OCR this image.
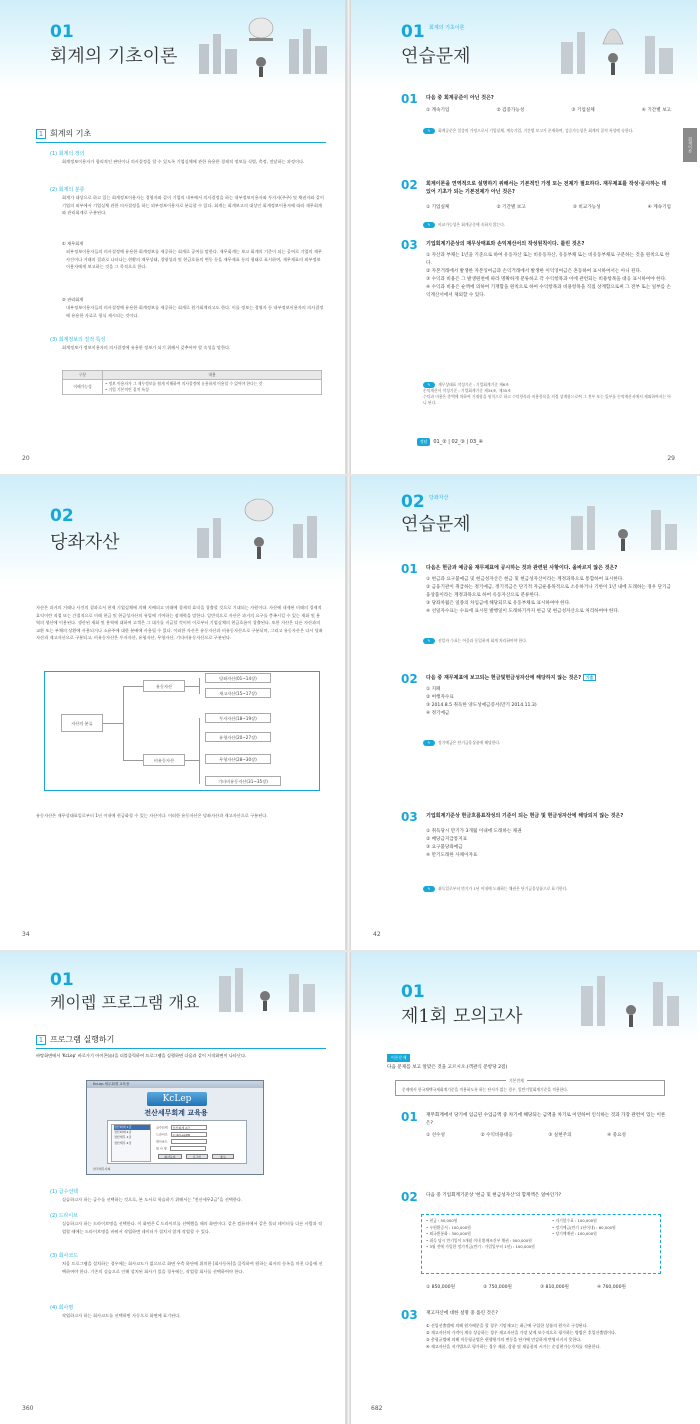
01
회계의 기초이론
1 회계의 기초
(1) 회계의 정의
회계정보이용자가 합리적인 판단이나 의사결정을 할 수 있도록 기업실체에 관한 유용한 경제적 정보를 식별, 측정, 전달하는 과정이다.
(2) 회계의 분류
회계가 대상으로 하고 있는 회계정보이용자는 경영자와 같이 기업의 내부에서 의사결정을 하는 내부정보이용자와 투자자(주주) 및 채권자와 같이 기업의 외부에서 기업실체 관한 의사결정을 하는 외부정보이용자로 분류할 수 있다. 회계는 회계보고의 대상인 회계정보이용자에 따라 재무회계와 관리회계로 구분된다.
① 재무회계
외부정보이용자들의 의사결정에 유용한 회계정보를 제공하는 회계로 공여를 말한다. 재무회계는 보고 회계의 기준이 되는 공여로 기업의 재무 사건이나 거래의 결과로 나타나는 현황의 재무상태, 경영성과 및 현금흐름의 변동 등을 재무제표 등의 형태로 표시하여, 재무제표의 외부정보이용자에게 보고하는 것을 그 목적으로 한다.
② 관리회계
내부정보이용자들의 의사결정에 유용한 회계정보를 제공하는 회계로 원가회계라고도 한다. 이를 정보는 경영자 등 내부정보이용자의 의사결정에 유용한 자료로 형식 제시되는 것이다.
(3) 회계정보의 질적 특성
회계정보가 정보이용자의 의사결정에 유용한 정보가 되기 위해서 갖추어야 할 속성을 말한다.
구분	내용
이해가능성	• 정보 이용자가 그 재무정보를 쉽게 이해하여 의사결정에 유용하게 이용할 수 있어야 한다는 것
• 기업 기본적인 질적 특성
20
01 회계의 기초이론
연습문제
회계이론
01 다음 중 회계공준이 아닌 것은?
① 계속기업	② 검증가능성	③ 기업실체	④ 기간별 보고
✎ 회계공준은 일종의 가정으로서 기업실체, 계속기업, 기간별 보고가 존재하며, 검증가능성은 회계의 질적 특성에 속한다.
02 회계이론을 연역적으로 설명하기 위해서는 기본적인 가정 또는 전제가 필요하다. 재무제표를 작성·공시하는 데 있어 기초가 되는 기본전제가 아닌 것은?
① 기업실체	② 기간별 보고	③ 비교가능성	④ 계속기업
✎ 비교가능성은 회계공준에 속하지 않는다.
03 기업회계기준상의 재무상태표와 손익계산서의 작성원칙이다. 틀린 것은?
① 자산과 부채는 1년을 기준으로 하여 유동자산 또는 비유동자산, 유동부채 또는 비유동부채로 구분하는 것을 원칙으로 한다.
② 자본거래에서 발생한 자본잉여금과 손익거래에서 발생한 이익잉여금은 혼동하여 표시하여서는 아니 된다.
③ 수익과 비용은 그 발생원천에 따라 명확하게 분류하고 각 수익항목과 이에 관련되는 비용항목을 대응 표시하여야 한다.
④ 수익과 비용은 순액에 의하여 기재함을 원칙으로 하여 수익항목과 비용항목을 직접 상계함으로써 그 전부 또는 일부를 손익계산서에서 제외할 수 있다.
✎ 재무상태표 작성기준 : 기업회계기준 제6조
손익계산서 작성기준 : 기업회계기준 제34조, 제35조
수익과 비용은 총액에 의하여 기재함을 원칙으로 하고 수익항목과 비용항목을 직접 상계함으로써 그 전부 또는 일부를 손익계산서에서 제외하여서는 아니 된다.
정답 01_② | 02_③ | 03_④
29
02
당좌자산
자산은 과거의 거래나 사건의 결과로서 현재 기업실체에 의해 지배되고 미래에 경제적 효익을 창출할 것으로 기대되는 자원이다. 자산에 내재된 미래의 경제적 효익이란 직접 또는 간접적으로 미래 현금 및 현금성자산의 유입에 기여하는 잠재력을 말한다. 일반적으로 자산은 과거의 요구를 충족시킬 수 있는 재화 및 용역의 생산에 이용된다. 생산된 재화 및 용역에 대하여 고객은 그 대가를 지급할 것이며 이로부터 기업실체의 현금흐름이 창출된다. 또한 자산은 다른 자산과의 교환 또는 부채의 상환에 사용되거나 소유주에 대한 분배에 사용될 수 있다. 이러한 자산은 유동자산과 비유동자산으로 구분되며, 그리고 유동자산은 다시 당좌자산과 재고자산으로 구분되고, 비유동자산은 투자자산, 유형자산, 무형자산, 기타비유동자산으로 구분된다.
자산의 분류
유동자산
비유동자산
당좌자산(01~14장)
재고자산(15~17장)
투자자산(18~19장)
유형자산(20~27장)
무형자산(28~30장)
기타비유동자산(31~35장)
유동자산은 재무상태표일로부터 1년 이내에 현금화할 수 있는 자산이다. 이러한 유동자산은 당좌자산과 재고자산으로 구분된다.
34
02 당좌자산
연습문제
01 다음은 현금과 예금을 재무제표에 공시하는 것과 관련된 사항이다. 올바르지 않은 것은?
① 현금과 요구불예금 및 현금성자산은 현금 및 현금성자산이라는 계정과목으로 통합하여 표시한다.
② 금융기관이 취급하는 정기예금, 정기적금은 단기적 자금운용목적으로 소유하거나 기한이 1년 내에 도래하는 경우 단기금융상품이라는 계정과목으로 하여 유동자산으로 분류한다.
③ 당좌차월은 일종의 차입금에 해당되므로 유동부채로 표시하여야 한다.
④ 선일자수표는 수표에 표시된 발행일이 도래하기까지 현금 및 현금성자산으로 처리하여야 한다.
✎ 선일자 수표는 어음과 동일하게 회계 처리하여야 한다.
02 다음 중 재무제표에 보고되는 현금및현금성자산에 해당하지 않는 것은? 기출
① 지폐
② 여행자수표
③ 2014.8.5 취득한 양도성예금증서(만기 2014.11.3)
④ 정기예금
✎ 정기예금은 단기금융상품에 해당한다.
03 기업회계기준상 현금흐름표작성의 기준이 되는 현금 및 현금성자산에 해당되지 않는 것은?
① 취득당시 만기가 3개월 이내에 도래하는 채권
② 배당금지급통지표
③ 요구불당좌예금
④ 만기도래한 사채이자표
✎ 취득일로부터 만기가 1년 이내에 도래하는 채권은 단기금융상품으로 표기한다.
42
01
케이렙 프로그램 개요
1 프로그램 실행하기
바탕화면에서 'KcLep' 바로가기 아이콘(◎)을 더블클릭하여 프로그램을 실행하면 다음과 같이 시작화면이 나타난다.
KcLep 세무회계 교육용
KcLep
전산세무회계 교육용
전산회계 1급
전산회계 2급
전산세무 1급
전산세무 2급
급수선택 전산회계 2급
드라이브 C:\KcLepDB
회사코드
회 사 명
회사등록	로그인	종료
한국세무사회
(1) 급수선택
실습하고자 하는 급수를 선택하는 것으로, 본 도서로 학습하기 위해서는 "전산세무2급"을 선택한다.
(2) 드라이브
실습하고자 하는 드라이브명을 선택한다. 이 화면은 C 드라이브를 선택했을 때의 화면이다. 같은 컴퓨터에서 같은 폴더 데이터를 다른 사람과 작업할 때에는 드라이브명을 바꿔서 작업하면 데이터가 겹치지 않게 작업할 수 있다.
(3) 회사코드
처음 프로그램을 설치하는 경우에는 회사코드가 없으므로 화면 우측 하단에 위치한 [회사등록]을 클릭하여 원하는 회사의 등록을 마친 다음에 선택하여야 한다. 기존의 실습으로 인해 설치된 회사가 있을 경우에는, 작업할 회사를 선택하여야 한다.
(4) 회사명
작업하고자 하는 회사코드를 선택하면 자동으로 화면에 표기된다.
360
01
제1회 모의고사
이론문제
다음 문제를 보고 알맞은 것을 고르시오.(객관식 문항당 2점)
기본전제
문제에서 한국채택국제회계기준을 적용하도록 하는 단서가 없는 경우, 일반기업회계기준을 적용한다.
01 재무회계에서 당기에 임금된 수입금액 중 차기에 해당되는 금액을 차기로 이연하여 인식하는 것과 가장 관련이 있는 이론은?
① 선수성	② 수익비용대응	③ 실현주의	④ 중요성
02 다음 중 기업회계기준상 '현금 및 현금성자산'의 합계액은 얼마인가?
• 현금 : 50,000원
• 우편환증서 : 100,000원
• 외국환통화 : 300,000원
• 취득 당시 만기일이 3개월 이내 환매조건부 채권 : 500,000원
• 3월 전에 가입한 정기적금(만기 : 가입일부터 1년) : 100,000원
• 자기앞수표 : 100,000원
• 정기예금(만기 1년이내) : 60,000원
• 당기예매권 : 100,000원
① 850,000원	② 750,000원	③ 810,000원	④ 760,000원
03 재고자산에 대한 설명 중 틀린 것은?
① 선입선출법에 의해 원가배분을 할 경우 기말재고는 최근에 구입한 상품의 원가로 구성된다.
② 재고자산의 가격이 계속 상승하는 경우 재고자산을 가장 낮게 보수적으로 평가하는 방법은 후입선출법이다.
③ 총평균법에 의해 이동평균법은 현행원가의 변동을 단가에 민감하게 반영시키지 못한다.
④ 재고자산을 저가법으로 평가하는 경우 제품, 상품 및 재공품의 시가는 순실현가능가치를 적용한다.
682
